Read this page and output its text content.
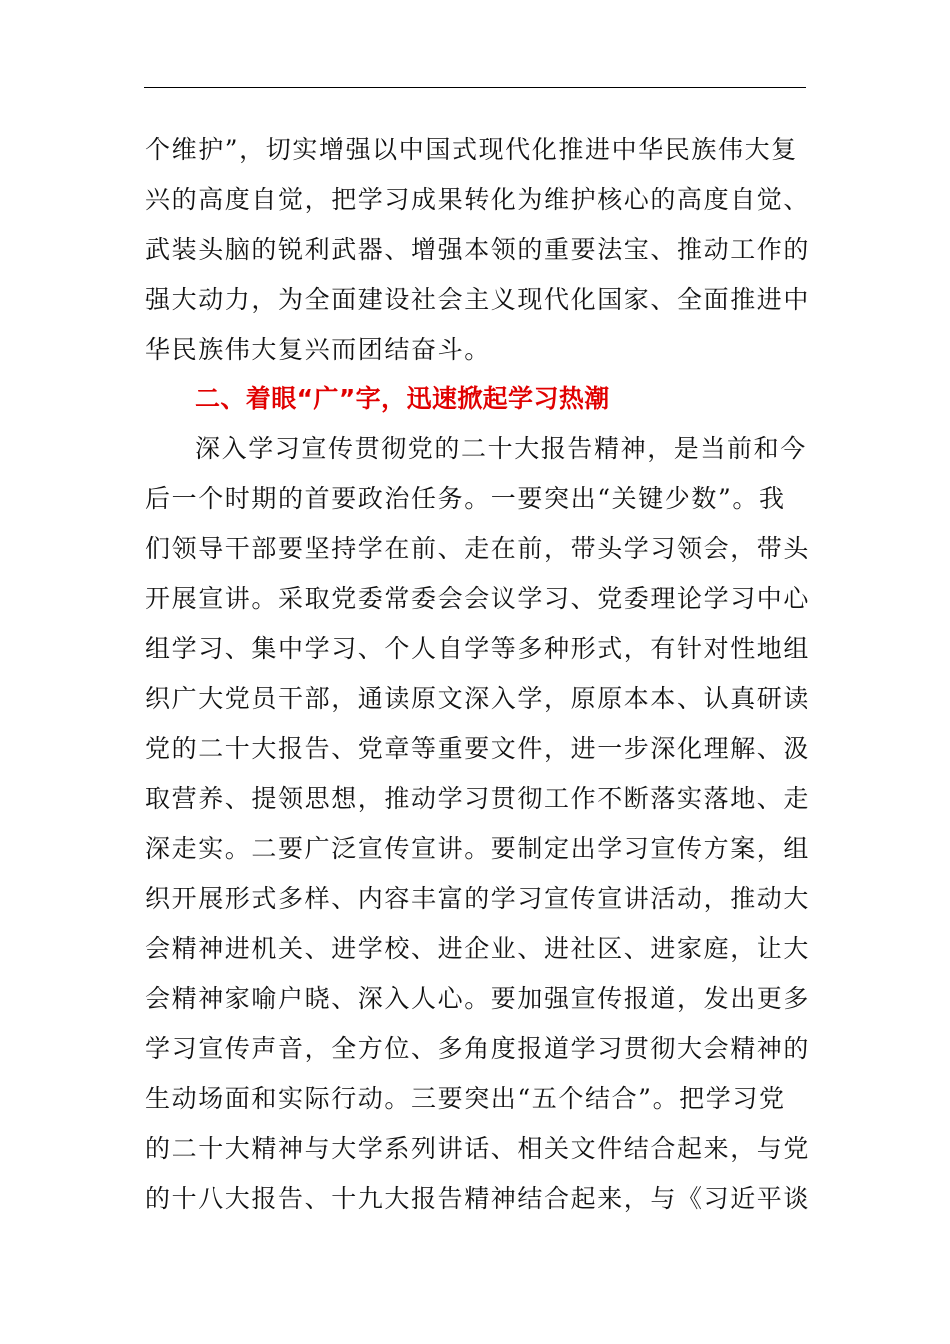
个维护”，切实增强以中国式现代化推进中华民族伟大复
兴的高度自觉，把学习成果转化为维护核心的高度自觉、
武装头脑的锐利武器、增强本领的重要法宝、推动工作的
强大动力，为全面建设社会主义现代化国家、全面推进中
华民族伟大复兴而团结奋斗。
二、着眼“广”字，迅速掀起学习热潮
深入学习宣传贯彻党的二十大报告精神，是当前和今
后一个时期的首要政治任务。一要突出“关键少数”。我
们领导干部要坚持学在前、走在前，带头学习领会，带头
开展宣讲。采取党委常委会会议学习、党委理论学习中心
组学习、集中学习、个人自学等多种形式，有针对性地组
织广大党员干部，通读原文深入学，原原本本、认真研读
党的二十大报告、党章等重要文件，进一步深化理解、汲
取营养、提领思想，推动学习贯彻工作不断落实落地、走
深走实。二要广泛宣传宣讲。要制定出学习宣传方案，组
织开展形式多样、内容丰富的学习宣传宣讲活动，推动大
会精神进机关、进学校、进企业、进社区、进家庭，让大
会精神家喻户晓、深入人心。要加强宣传报道，发出更多
学习宣传声音，全方位、多角度报道学习贯彻大会精神的
生动场面和实际行动。三要突出“五个结合”。把学习党
的二十大精神与大学系列讲话、相关文件结合起来，与党
的十八大报告、十九大报告精神结合起来，与《习近平谈
